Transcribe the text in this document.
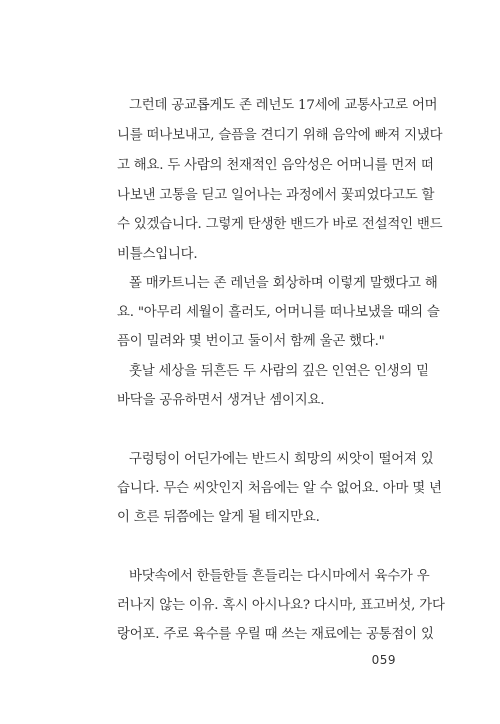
그런데 공교롭게도 존 레넌도 17세에 교통사고로 어머
니를 떠나보내고, 슬픔을 견디기 위해 음악에 빠져 지냈다
고 해요. 두 사람의 천재적인 음악성은 어머니를 먼저 떠
나보낸 고통을 딛고 일어나는 과정에서 꽃피었다고도 할
수 있겠습니다. 그렇게 탄생한 밴드가 바로 전설적인 밴드
비틀스입니다.
폴 매카트니는 존 레넌을 회상하며 이렇게 말했다고 해
요. "아무리 세월이 흘러도, 어머니를 떠나보냈을 때의 슬
픔이 밀려와 몇 번이고 둘이서 함께 울곤 했다."
훗날 세상을 뒤흔든 두 사람의 깊은 인연은 인생의 밑
바닥을 공유하면서 생겨난 셈이지요.
구렁텅이 어딘가에는 반드시 희망의 씨앗이 떨어져 있
습니다. 무슨 씨앗인지 처음에는 알 수 없어요. 아마 몇 년
이 흐른 뒤쯤에는 알게 될 테지만요.
바닷속에서 한들한들 흔들리는 다시마에서 육수가 우
러나지 않는 이유. 혹시 아시나요? 다시마, 표고버섯, 가다
랑어포. 주로 육수를 우릴 때 쓰는 재료에는 공통점이 있
059
